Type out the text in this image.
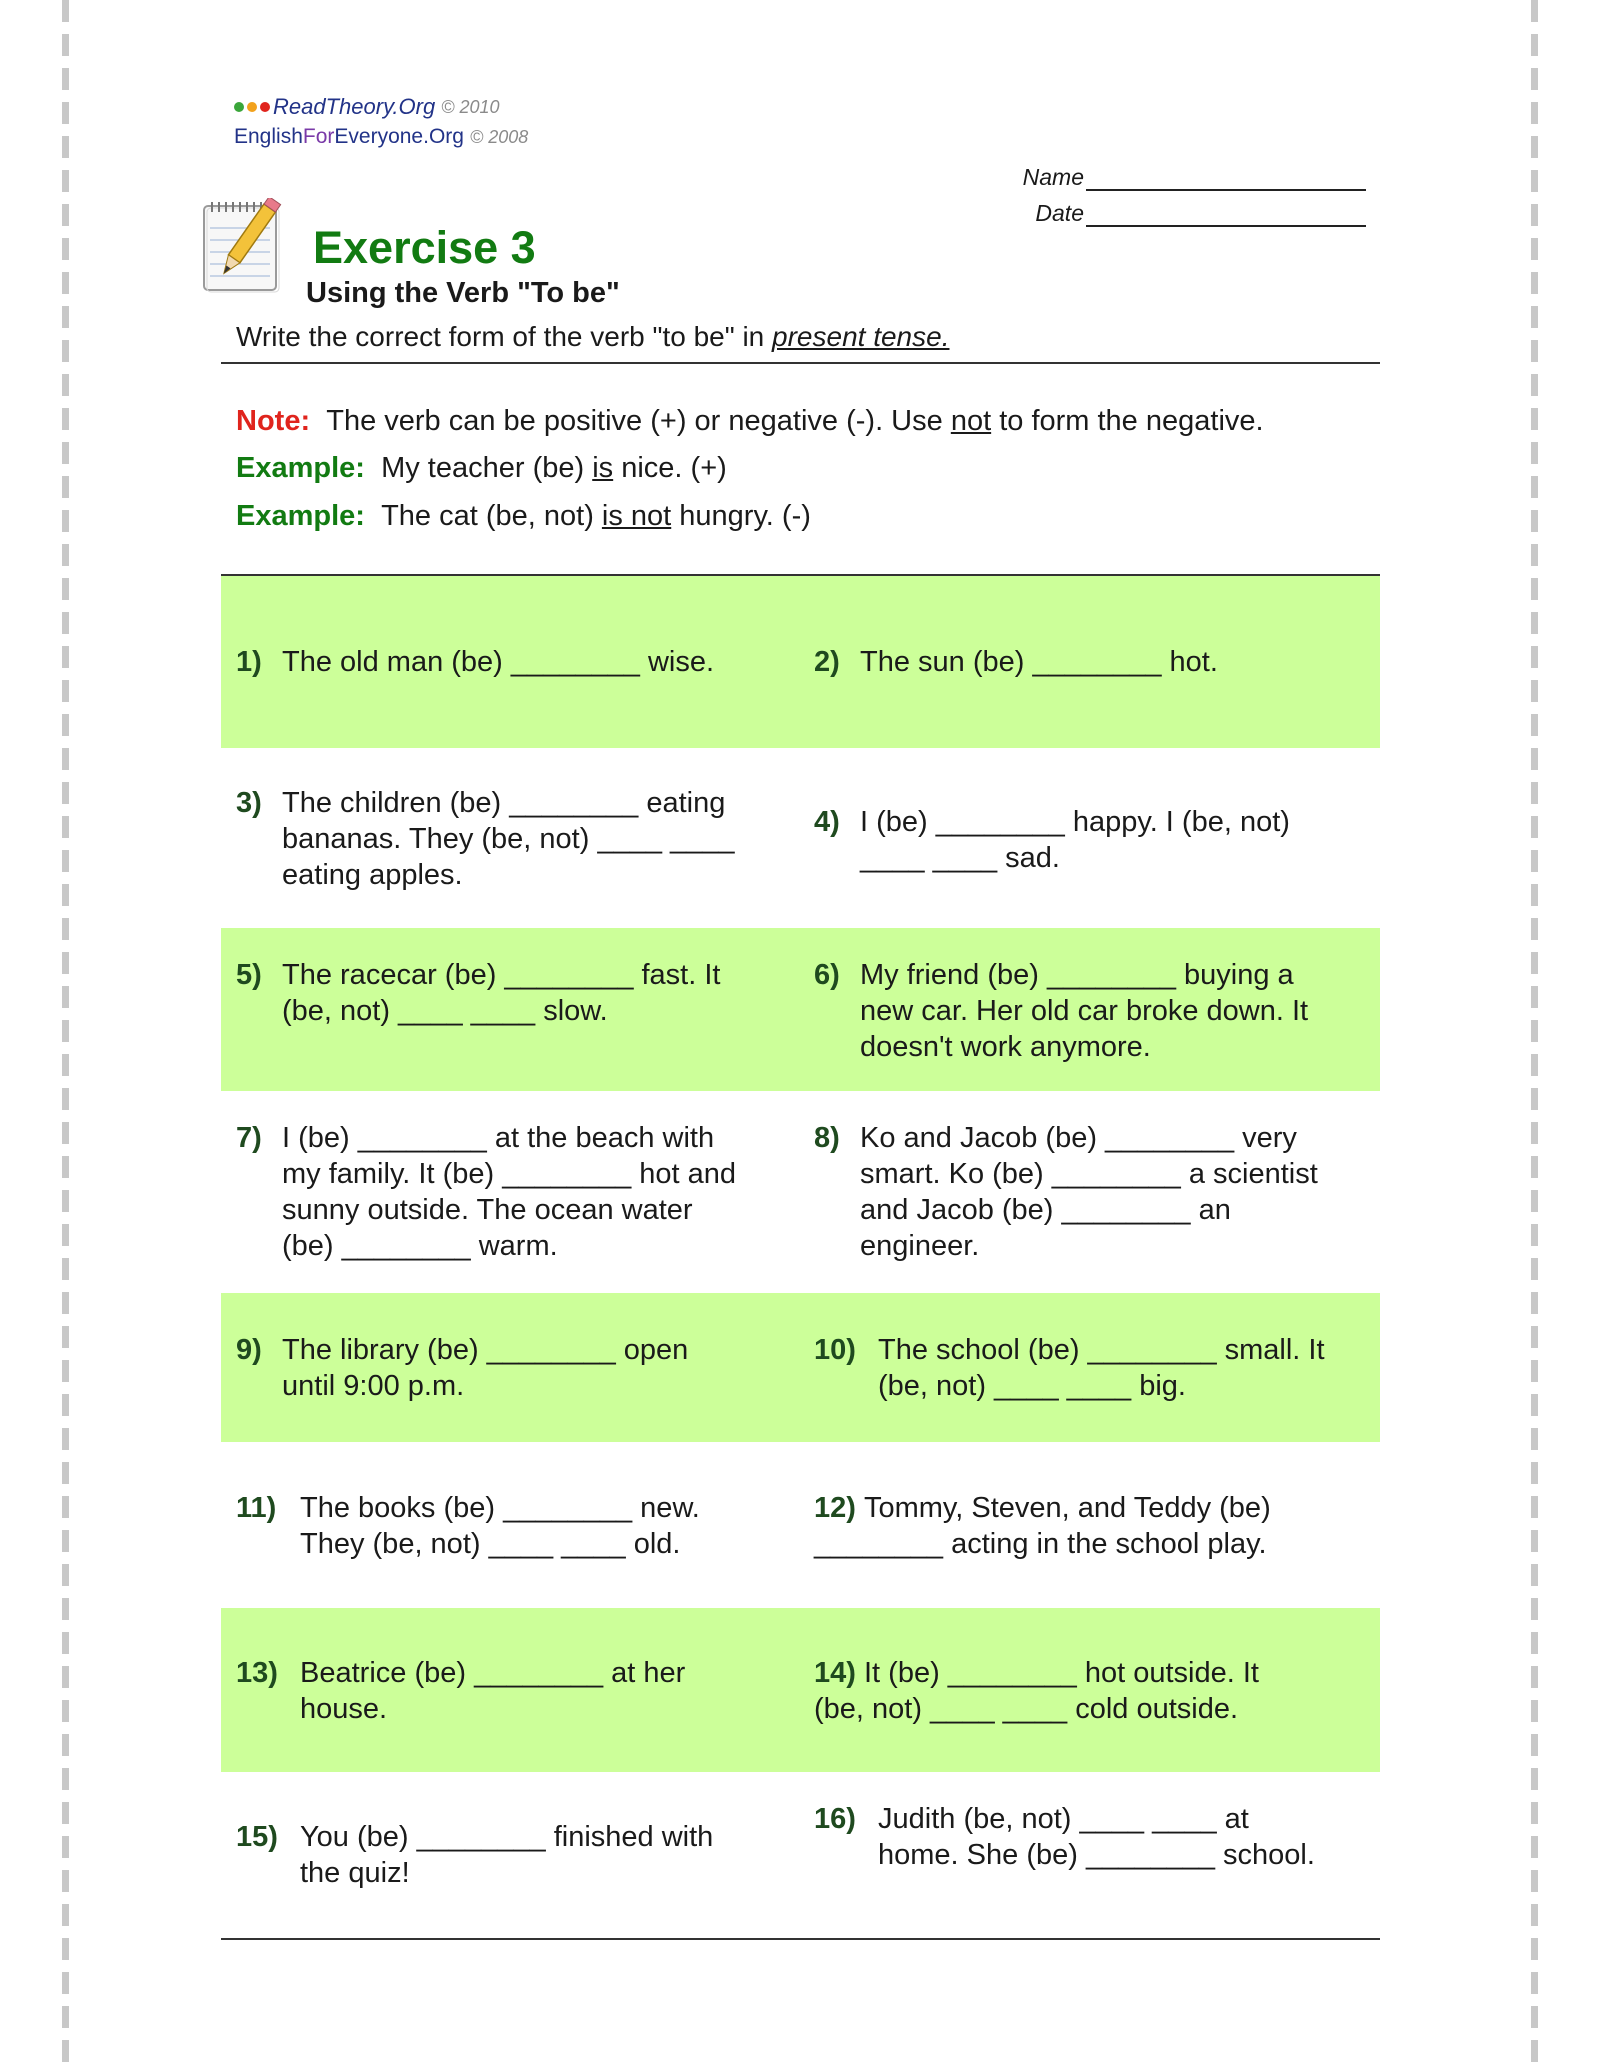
ReadTheory.Org © 2010
English For Everyone.Org © 2008
Name
Date
Exercise 3
Using the Verb "To be"
Write the correct form of the verb "to be" in present tense.
Note: The verb can be positive (+) or negative (-). Use not to form the negative.
Example: My teacher (be) is nice. (+)
Example: The cat (be, not) is not hungry. (-)
1) The old man (be) ________ wise.	2) The sun (be) ________ hot.
3) The children (be) ________ eating
bananas. They (be, not) ____ ____
eating apples.
4) I (be) ________ happy. I (be, not)
____ ____ sad.
5) The racecar (be) ________ fast. It
(be, not) ____ ____ slow.
6) My friend (be) ________ buying a
new car. Her old car broke down. It
doesn't work anymore.
7) I (be) ________ at the beach with
my family. It (be) ________ hot and
sunny outside. The ocean water
(be) ________ warm.
8) Ko and Jacob (be) ________ very
smart. Ko (be) ________ a scientist
and Jacob (be) ________ an
engineer.
9) The library (be) ________ open
until 9:00 p.m.
10) The school (be) ________ small. It
(be, not) ____ ____ big.
11) The books (be) ________ new.
They (be, not) ____ ____ old.
12) Tommy, Steven, and Teddy (be)
________ acting in the school play.
13) Beatrice (be) ________ at her
house.
14) It (be) ________ hot outside. It
(be, not) ____ ____ cold outside.
15) You (be) ________ finished with
the quiz!
16) Judith (be, not) ____ ____ at
home. She (be) ________ school.
